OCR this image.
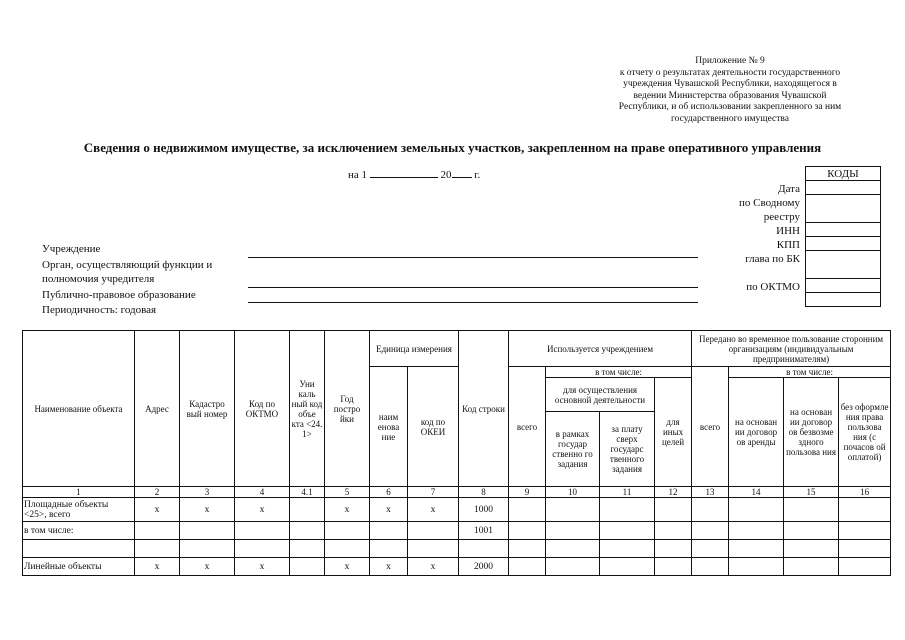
Приложение № 9
к отчету о результатах деятельности государственного
учреждения Чувашской Республики, находящегося в
ведении Министерства образования Чувашской
Республики, и об использовании закрепленного за ним
государственного имущества
Сведения о недвижимом имуществе, за исключением земельных участков, закрепленном на праве оперативного управления
на 1	20 г.	КОДЫ

Дата
по Сводному
реестру
ИНН
КПП
глава по БК
по ОКТМО
Учреждение
Орган, осуществляющий функции и
полномочия учредителя
Публично-правовое образование
Периодичность: годовая
Наименование объекта	Адрес	Кадастро вый номер	Код по ОКТМО	Уни каль ный код объе кта <24. 1>	Год постро йки	Единица измерения		Код строки	Используется учреждением				Передано во временное пользование сторонним организациям (индивидуальным предпринимателям)			
						наим енова ние	код по ОКЕИ		всего	в том числе:			всего	в том числе:		
										для осуществления основной деятельности		для иных целей		на основан ии договор ов аренды	на основан ии договор ов безвозме здного пользова ния	без оформле ния права пользова ния (с почасов ой оплатой)
										в рамках государ ственно го задания	за плату сверх государс твенного задания					

1	2	3	4	4.1	5	6	7	8	9	10	11	12	13	14	15	16
Площадные объекты <25>, всего	х	х	х		х	х	х	1000								
в том числе:								1001								

Линейные объекты	х	х	х		х	х	х	2000								
